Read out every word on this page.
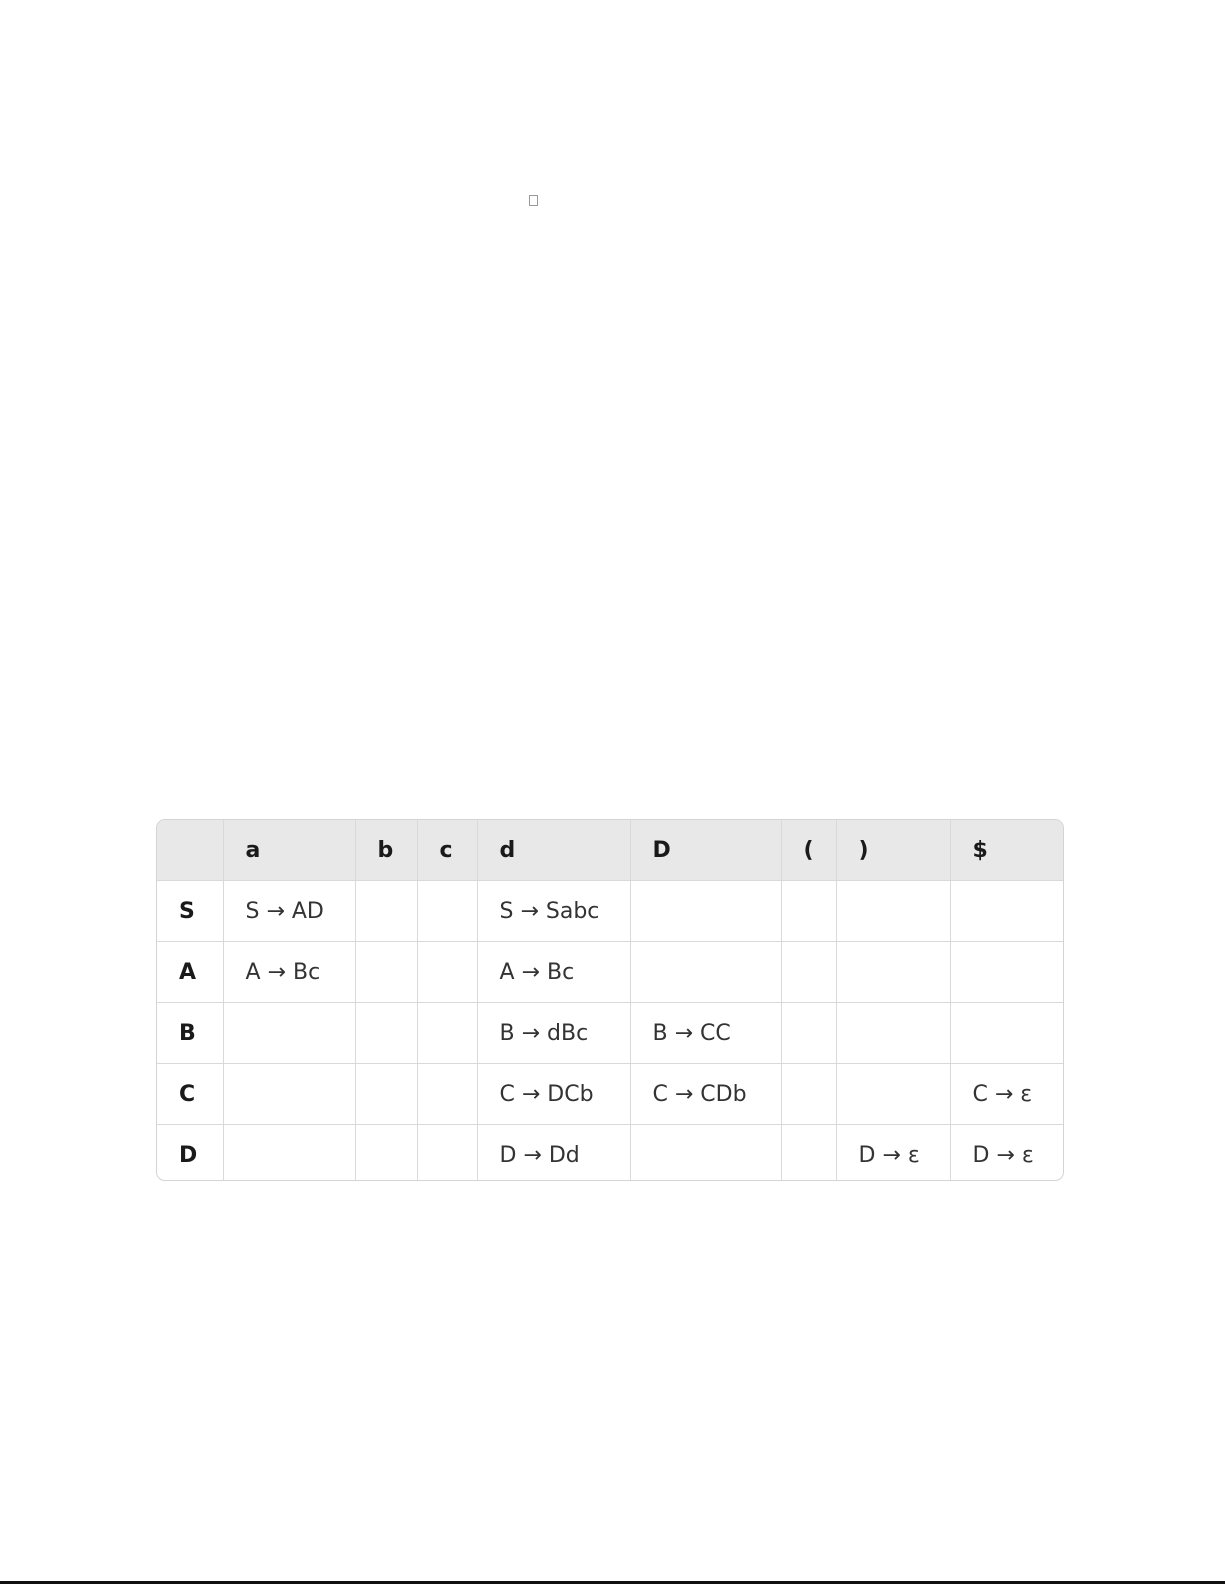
	a	b	c	d	D	(	)	$
S	S → AD			S → Sabc				
A	A → Bc			A → Bc				
B				B → dBc	B → CC			
C				C → DCb	C → CDb			C → ε
D				D → Dd			D → ε	D → ε
